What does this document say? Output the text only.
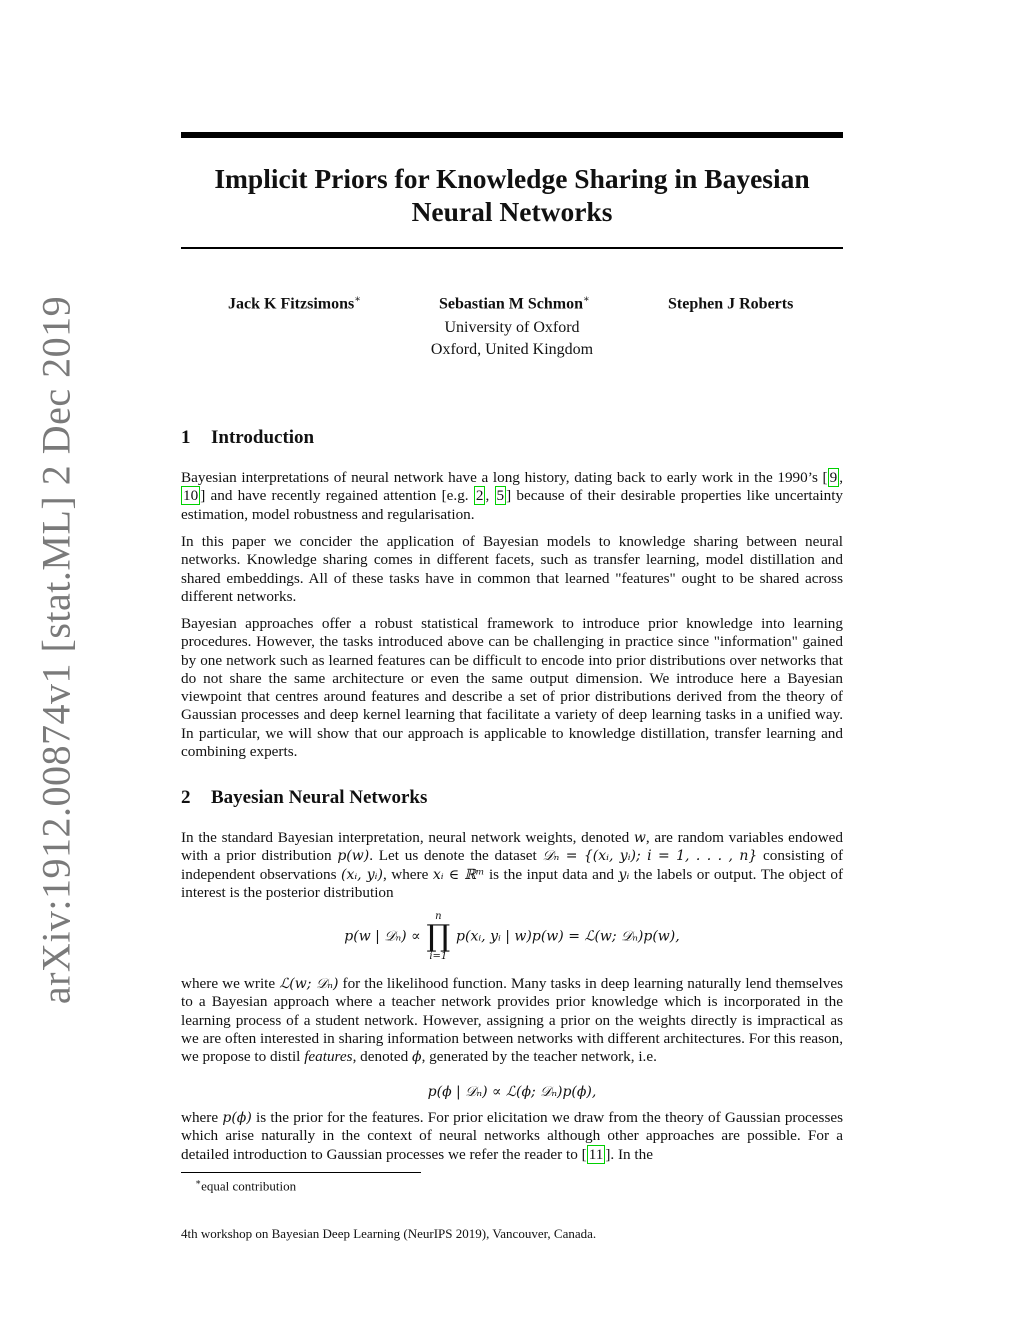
arXiv:1912.00874v1 [stat.ML] 2 Dec 2019
Implicit Priors for Knowledge Sharing in Bayesian
Neural Networks
Jack K Fitzsimons∗	Sebastian M Schmon∗	Stephen J Roberts
University of Oxford
Oxford, United Kingdom
1 Introduction

Bayesian interpretations of neural network have a long history, dating back to early work in the 1990’s [ 9 , 10 ] and have recently regained attention [e.g. 2 , 5 ] because of their desirable properties like uncertainty estimation, model robustness and regularisation.

In this paper we concider the application of Bayesian models to knowledge sharing between neural networks. Knowledge sharing comes in different facets, such as transfer learning, model distillation and shared embeddings. All of these tasks have in common that learned "features" ought to be shared across different networks.

Bayesian approaches offer a robust statistical framework to introduce prior knowledge into learning procedures. However, the tasks introduced above can be challenging in practice since "information" gained by one network such as learned features can be difficult to encode into prior distributions over networks that do not share the same architecture or even the same output dimension. We introduce here a Bayesian viewpoint that centres around features and describe a set of prior distributions derived from the theory of Gaussian processes and deep kernel learning that facilitate a variety of deep learning tasks in a unified way. In particular, we will show that our approach is applicable to knowledge distillation, transfer learning and combining experts.

2 Bayesian Neural Networks

In the standard Bayesian interpretation, neural network weights, denoted w, are random variables endowed with a prior distribution p(w). Let us denote the dataset 𝒟ₙ = {(xᵢ, yᵢ); i = 1, . . . , n} consisting of independent observations (xᵢ, yᵢ), where xᵢ ∈ ℝᵐ is the input data and yᵢ the labels or output. The object of interest is the posterior distribution

p(w | 𝒟ₙ) ∝
n
∏
i=1
p(xᵢ, yᵢ | w)p(w) = ℒ(w; 𝒟ₙ)p(w),

where we write ℒ(w; 𝒟ₙ) for the likelihood function. Many tasks in deep learning naturally lend themselves to a Bayesian approach where a teacher network provides prior knowledge which is incorporated in the learning process of a student network. However, assigning a prior on the weights directly is impractical as we are often interested in sharing information between networks with different architectures. For this reason, we propose to distil features, denoted ϕ, generated by the teacher network, i.e.

p(ϕ | 𝒟ₙ) ∝ ℒ(ϕ; 𝒟ₙ)p(ϕ),

where p(ϕ) is the prior for the features. For prior elicitation we draw from the theory of Gaussian processes which arise naturally in the context of neural networks although other approaches are possible. For a detailed introduction to Gaussian processes we refer the reader to [ 11 ]. In the

∗equal contribution
4th workshop on Bayesian Deep Learning (NeurIPS 2019), Vancouver, Canada.
